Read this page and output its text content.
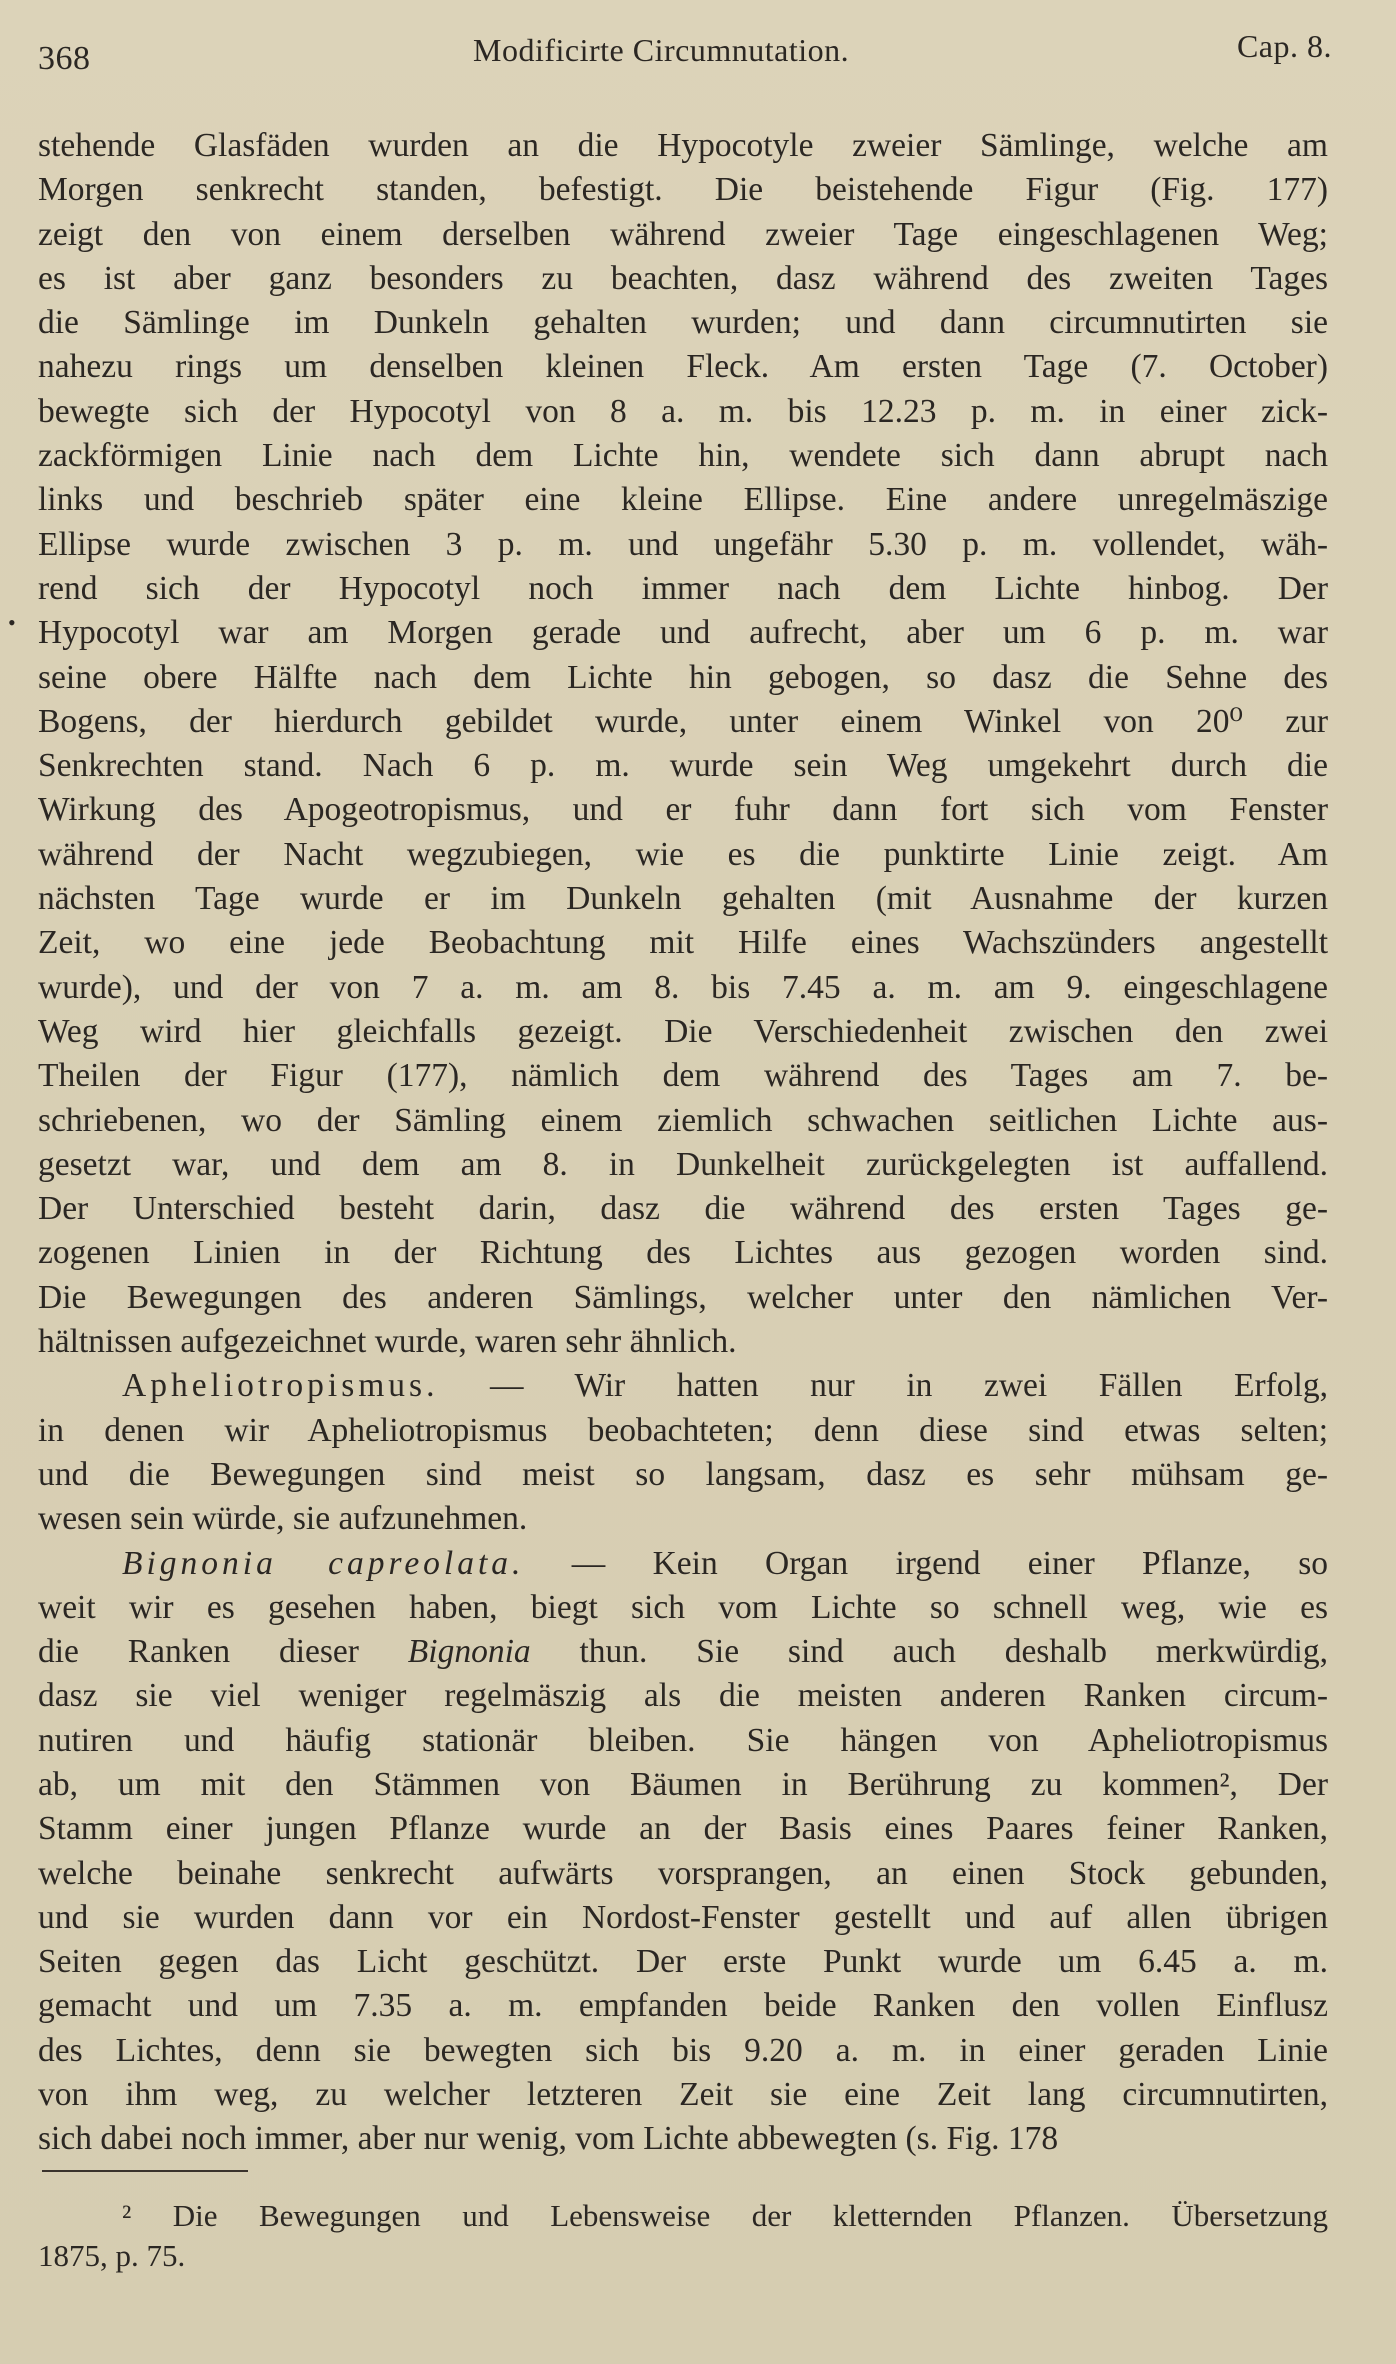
368	Modificirte Circumnutation.	Cap. 8.
•
stehende Glasfäden wurden an die Hypocotyle zweier Sämlinge, welche am
Morgen senkrecht standen, befestigt. Die beistehende Figur (Fig. 177)
zeigt den von einem derselben während zweier Tage eingeschlagenen Weg;
es ist aber ganz besonders zu beachten, dasz während des zweiten Tages
die Sämlinge im Dunkeln gehalten wurden; und dann circumnutirten sie
nahezu rings um denselben kleinen Fleck. Am ersten Tage (7. October)
bewegte sich der Hypocotyl von 8 a. m. bis 12.23 p. m. in einer zick-
zackförmigen Linie nach dem Lichte hin, wendete sich dann abrupt nach
links und beschrieb später eine kleine Ellipse. Eine andere unregelmäszige
Ellipse wurde zwischen 3 p. m. und ungefähr 5.30 p. m. vollendet, wäh-
rend sich der Hypocotyl noch immer nach dem Lichte hinbog. Der
Hypocotyl war am Morgen gerade und aufrecht, aber um 6 p. m. war
seine obere Hälfte nach dem Lichte hin gebogen, so dasz die Sehne des
Bogens, der hierdurch gebildet wurde, unter einem Winkel von 20⁰ zur
Senkrechten stand. Nach 6 p. m. wurde sein Weg umgekehrt durch die
Wirkung des Apogeotropismus, und er fuhr dann fort sich vom Fenster
während der Nacht wegzubiegen, wie es die punktirte Linie zeigt. Am
nächsten Tage wurde er im Dunkeln gehalten (mit Ausnahme der kurzen
Zeit, wo eine jede Beobachtung mit Hilfe eines Wachszünders angestellt
wurde), und der von 7 a. m. am 8. bis 7.45 a. m. am 9. eingeschlagene
Weg wird hier gleichfalls gezeigt. Die Verschiedenheit zwischen den zwei
Theilen der Figur (177), nämlich dem während des Tages am 7. be-
schriebenen, wo der Sämling einem ziemlich schwachen seitlichen Lichte aus-
gesetzt war, und dem am 8. in Dunkelheit zurückgelegten ist auffallend.
Der Unterschied besteht darin, dasz die während des ersten Tages ge-
zogenen Linien in der Richtung des Lichtes aus gezogen worden sind.
Die Bewegungen des anderen Sämlings, welcher unter den nämlichen Ver-
hältnissen aufgezeichnet wurde, waren sehr ähnlich.
Apheliotropismus. — Wir hatten nur in zwei Fällen Erfolg,
in denen wir Apheliotropismus beobachteten; denn diese sind etwas selten;
und die Bewegungen sind meist so langsam, dasz es sehr mühsam ge-
wesen sein würde, sie aufzunehmen.
Bignonia capreolata. — Kein Organ irgend einer Pflanze, so
weit wir es gesehen haben, biegt sich vom Lichte so schnell weg, wie es
die Ranken dieser Bignonia thun. Sie sind auch deshalb merkwürdig,
dasz sie viel weniger regelmäszig als die meisten anderen Ranken circum-
nutiren und häufig stationär bleiben. Sie hängen von Apheliotropismus
ab, um mit den Stämmen von Bäumen in Berührung zu kommen², Der
Stamm einer jungen Pflanze wurde an der Basis eines Paares feiner Ranken,
welche beinahe senkrecht aufwärts vorsprangen, an einen Stock gebunden,
und sie wurden dann vor ein Nordost-Fenster gestellt und auf allen übrigen
Seiten gegen das Licht geschützt. Der erste Punkt wurde um 6.45 a. m.
gemacht und um 7.35 a. m. empfanden beide Ranken den vollen Einflusz
des Lichtes, denn sie bewegten sich bis 9.20 a. m. in einer geraden Linie
von ihm weg, zu welcher letzteren Zeit sie eine Zeit lang circumnutirten,
sich dabei noch immer, aber nur wenig, vom Lichte abbewegten (s. Fig. 178
² Die Bewegungen und Lebensweise der kletternden Pflanzen. Übersetzung
1875, p. 75.
